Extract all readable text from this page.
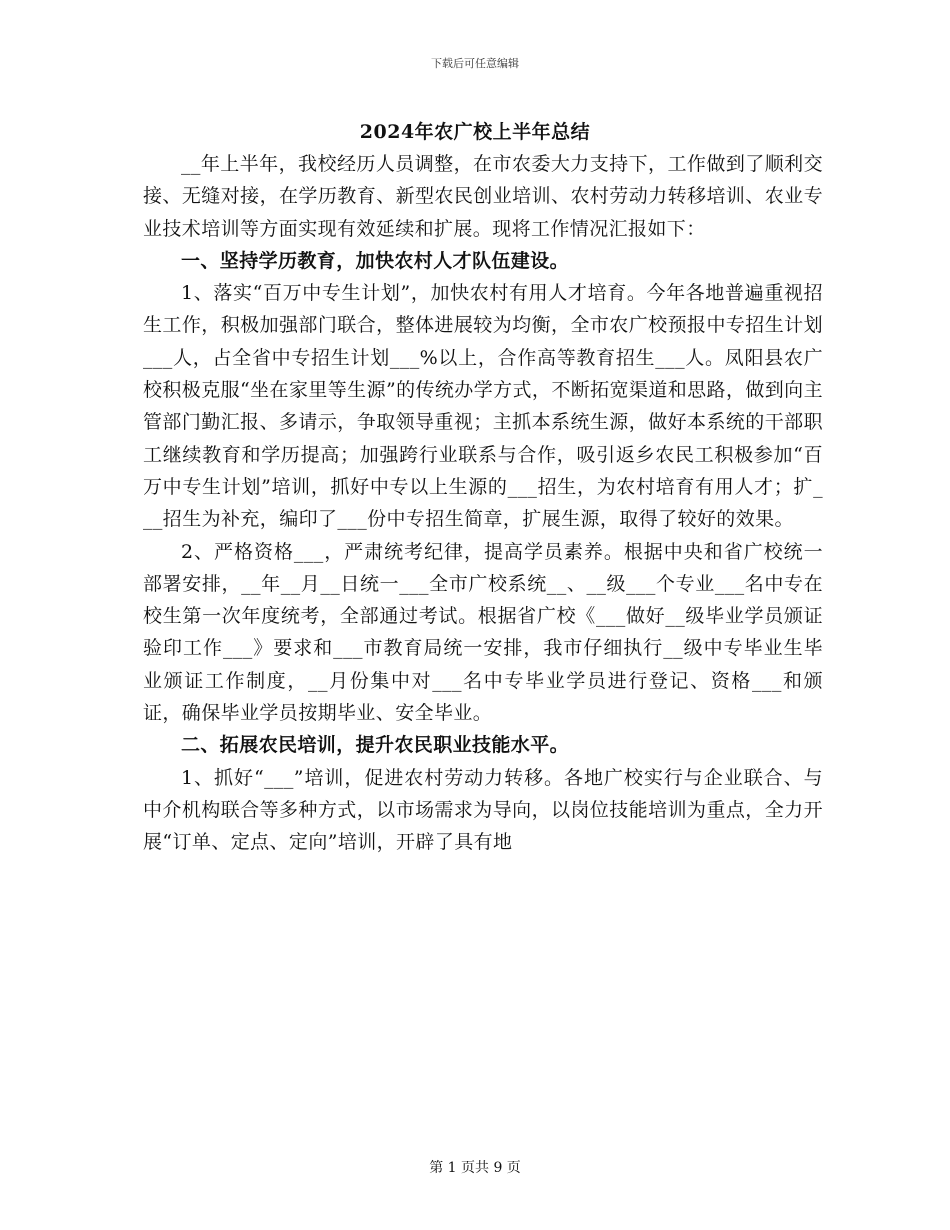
下载后可任意编辑
2024年农广校上半年总结

__年上半年，我校经历人员调整，在市农委大力支持下，工作做到了顺利交接、无缝对接，在学历教育、新型农民创业培训、农村劳动力转移培训、农业专业技术培训等方面实现有效延续和扩展。现将工作情况汇报如下：

一、坚持学历教育，加快农村人才队伍建设。

1、落实“百万中专生计划”，加快农村有用人才培育。今年各地普遍重视招生工作，积极加强部门联合，整体进展较为均衡，全市农广校预报中专招生计划___人，占全省中专招生计划___%以上，合作高等教育招生___人。凤阳县农广校积极克服“坐在家里等生源”的传统办学方式，不断拓宽渠道和思路，做到向主管部门勤汇报、多请示，争取领导重视；主抓本系统生源，做好本系统的干部职工继续教育和学历提高；加强跨行业联系与合作，吸引返乡农民工积极参加“百万中专生计划”培训，抓好中专以上生源的___招生，为农村培育有用人才；扩___招生为补充，编印了___份中专招生简章，扩展生源，取得了较好的效果。

2、严格资格___，严肃统考纪律，提高学员素养。根据中央和省广校统一部署安排，__年__月__日统一___全市广校系统__、__级___个专业___名中专在校生第一次年度统考，全部通过考试。根据省广校《___做好__级毕业学员颁证验印工作___》要求和___市教育局统一安排，我市仔细执行__级中专毕业生毕业颁证工作制度，__月份集中对___名中专毕业学员进行登记、资格___和颁证，确保毕业学员按期毕业、安全毕业。

二、拓展农民培训，提升农民职业技能水平。

1、抓好“___”培训，促进农村劳动力转移。各地广校实行与企业联合、与中介机构联合等多种方式，以市场需求为导向，以岗位技能培训为重点，全力开展“订单、定点、定向”培训，开辟了具有地

第 1 页共 9 页
